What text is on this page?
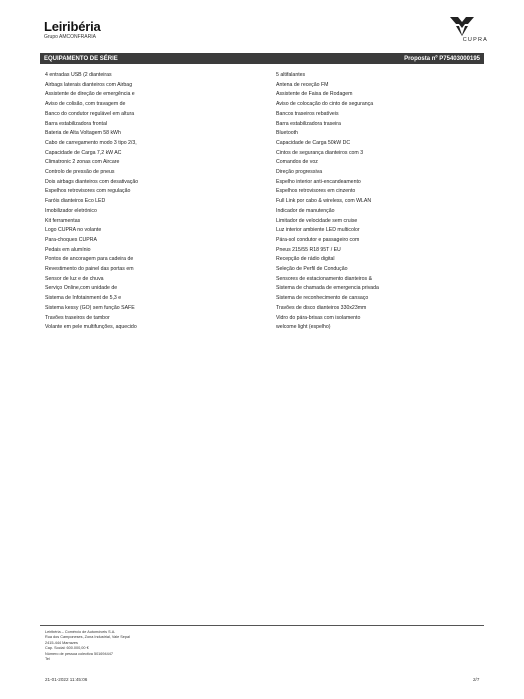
Leiribéria
Grupo AMCONFRARIA	CUPRA
EQUIPAMENTO DE SÉRIE	Proposta nº P75403000195
4 entradas USB (2 dianteiras
Airbags laterais dianteiros com Airbag
Assistente de direção de emergência e
Aviso de colisão, com travagem de
Banco do condutor regulável em altura
Barra estabilizadora frontal
Bateria de Alta Voltagem 58 kWh
Cabo de carregamento modo 3 tipo 2/3,
Capacidade de Carga 7,2 kW AC
Climatronic 2 zonas com Aircare
Controlo de pressão de pneus
Dois airbags dianteiros com desativação
Espelhos retrovisores com regulação
Faróis dianteiros Eco LED
Imobilizador eletrónico
Kit ferramentas
Logo CUPRA no volante
Para-choques CUPRA
Pedais em alumínio
Pontos de ancoragem para cadeira de
Revestimento do painel das portas em
Sensor de luz e de chuva
Serviço Online,com unidade de
Sistema de Infotainment de 5,3 e
Sistema kessy (GO) sem função SAFE
Travões traseiros de tambor
Volante em pele multifunções, aquecido
5 altifalantes
Antena de receção FM
Assistente de Faixa de Rodagem
Aviso de colocação do cinto de segurança
Bancos traseiros rebatíveis
Barra estabilizadora traseira
Bluetooth
Capacidade de Carga 50kW DC
Cintos de segurança dianteiros com 3
Comandos de voz
Direção progressiva
Espelho interior anti-encandeamento
Espelhos retrovisores em cinzento
Full Link por cabo & wireless, com WLAN
Indicador de manutenção
Limitador de velocidade sem cruise
Luz interior ambiente LED multicolor
Pára-sol condutor e passageiro com
Pneus 215/55 R18 95T / EU
Recepção de rádio digital
Seleção de Perfil de Condução
Sensores de estacionamento dianteiros &
Sistema de chamada de emergencia privada
Sistema de reconhecimento de cansaço
Travões de disco dianteiros 330x23mm
Vidro do pára-brisas com isolamento
welcome light (espelho)
Leiribéria – Comércio de Automóveis S.A.
Rua dos Camponeses, Zona Industrial, Vale Sepal
2415-444 Marrazes
Cap. Social: 600.000,00 €
Número de pessoa colectiva 501694447
Tel
21-01-2022 11:45:06	2/7
